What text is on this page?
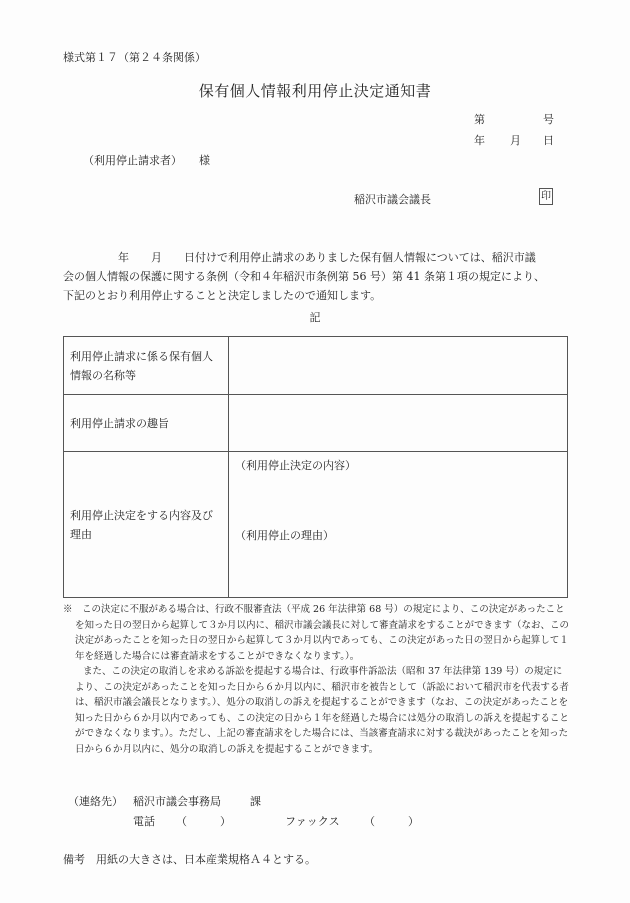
様式第１７（第２４条関係）
保有個人情報利用停止決定通知書
第	号
年 月 日
（利用停止請求者） 様
稲沢市議会議長	印
年　　月　　日付けで利用停止請求のありました保有個人情報については、稲沢市議
会の個人情報の保護に関する条例（令和４年稲沢市条例第 56 号）第 41 条第１項の規定により、
下記のとおり利用停止することと決定しましたので通知します。
記
利用停止請求に係る保有個人情報の名称等	
利用停止請求の趣旨	
利用停止決定をする内容及び理由	（利用停止決定の内容）
（利用停止の理由）

※　この決定に不服がある場合は、行政不服審査法（平成 26 年法律第 68 号）の規定により、この決定があったことを知った日の翌日から起算して３か月以内に、稲沢市議会議長に対して審査請求をすることができます（なお、この決定があったことを知った日の翌日から起算して３か月以内であっても、この決定があった日の翌日から起算して１年を経過した場合には審査請求をすることができなくなります。）。

また、この決定の取消しを求める訴訟を提起する場合は、行政事件訴訟法（昭和 37 年法律第 139 号）の規定により、この決定があったことを知った日から６か月以内に、稲沢市を被告として（訴訟において稲沢市を代表する者は、稲沢市議会議長となります。）、処分の取消しの訴えを提起することができます（なお、この決定があったことを知った日から６か月以内であっても、この決定の日から１年を経過した場合には処分の取消しの訴えを提起することができなくなります。）。ただし、上記の審査請求をした場合には、当該審査請求に対する裁決があったことを知った日から６か月以内に、処分の取消しの訴えを提起することができます。

（連絡先） 稲沢市議会事務局	課
電話 （　　　）	ファックス （　　　）
備考　用紙の大きさは、日本産業規格Ａ４とする。
